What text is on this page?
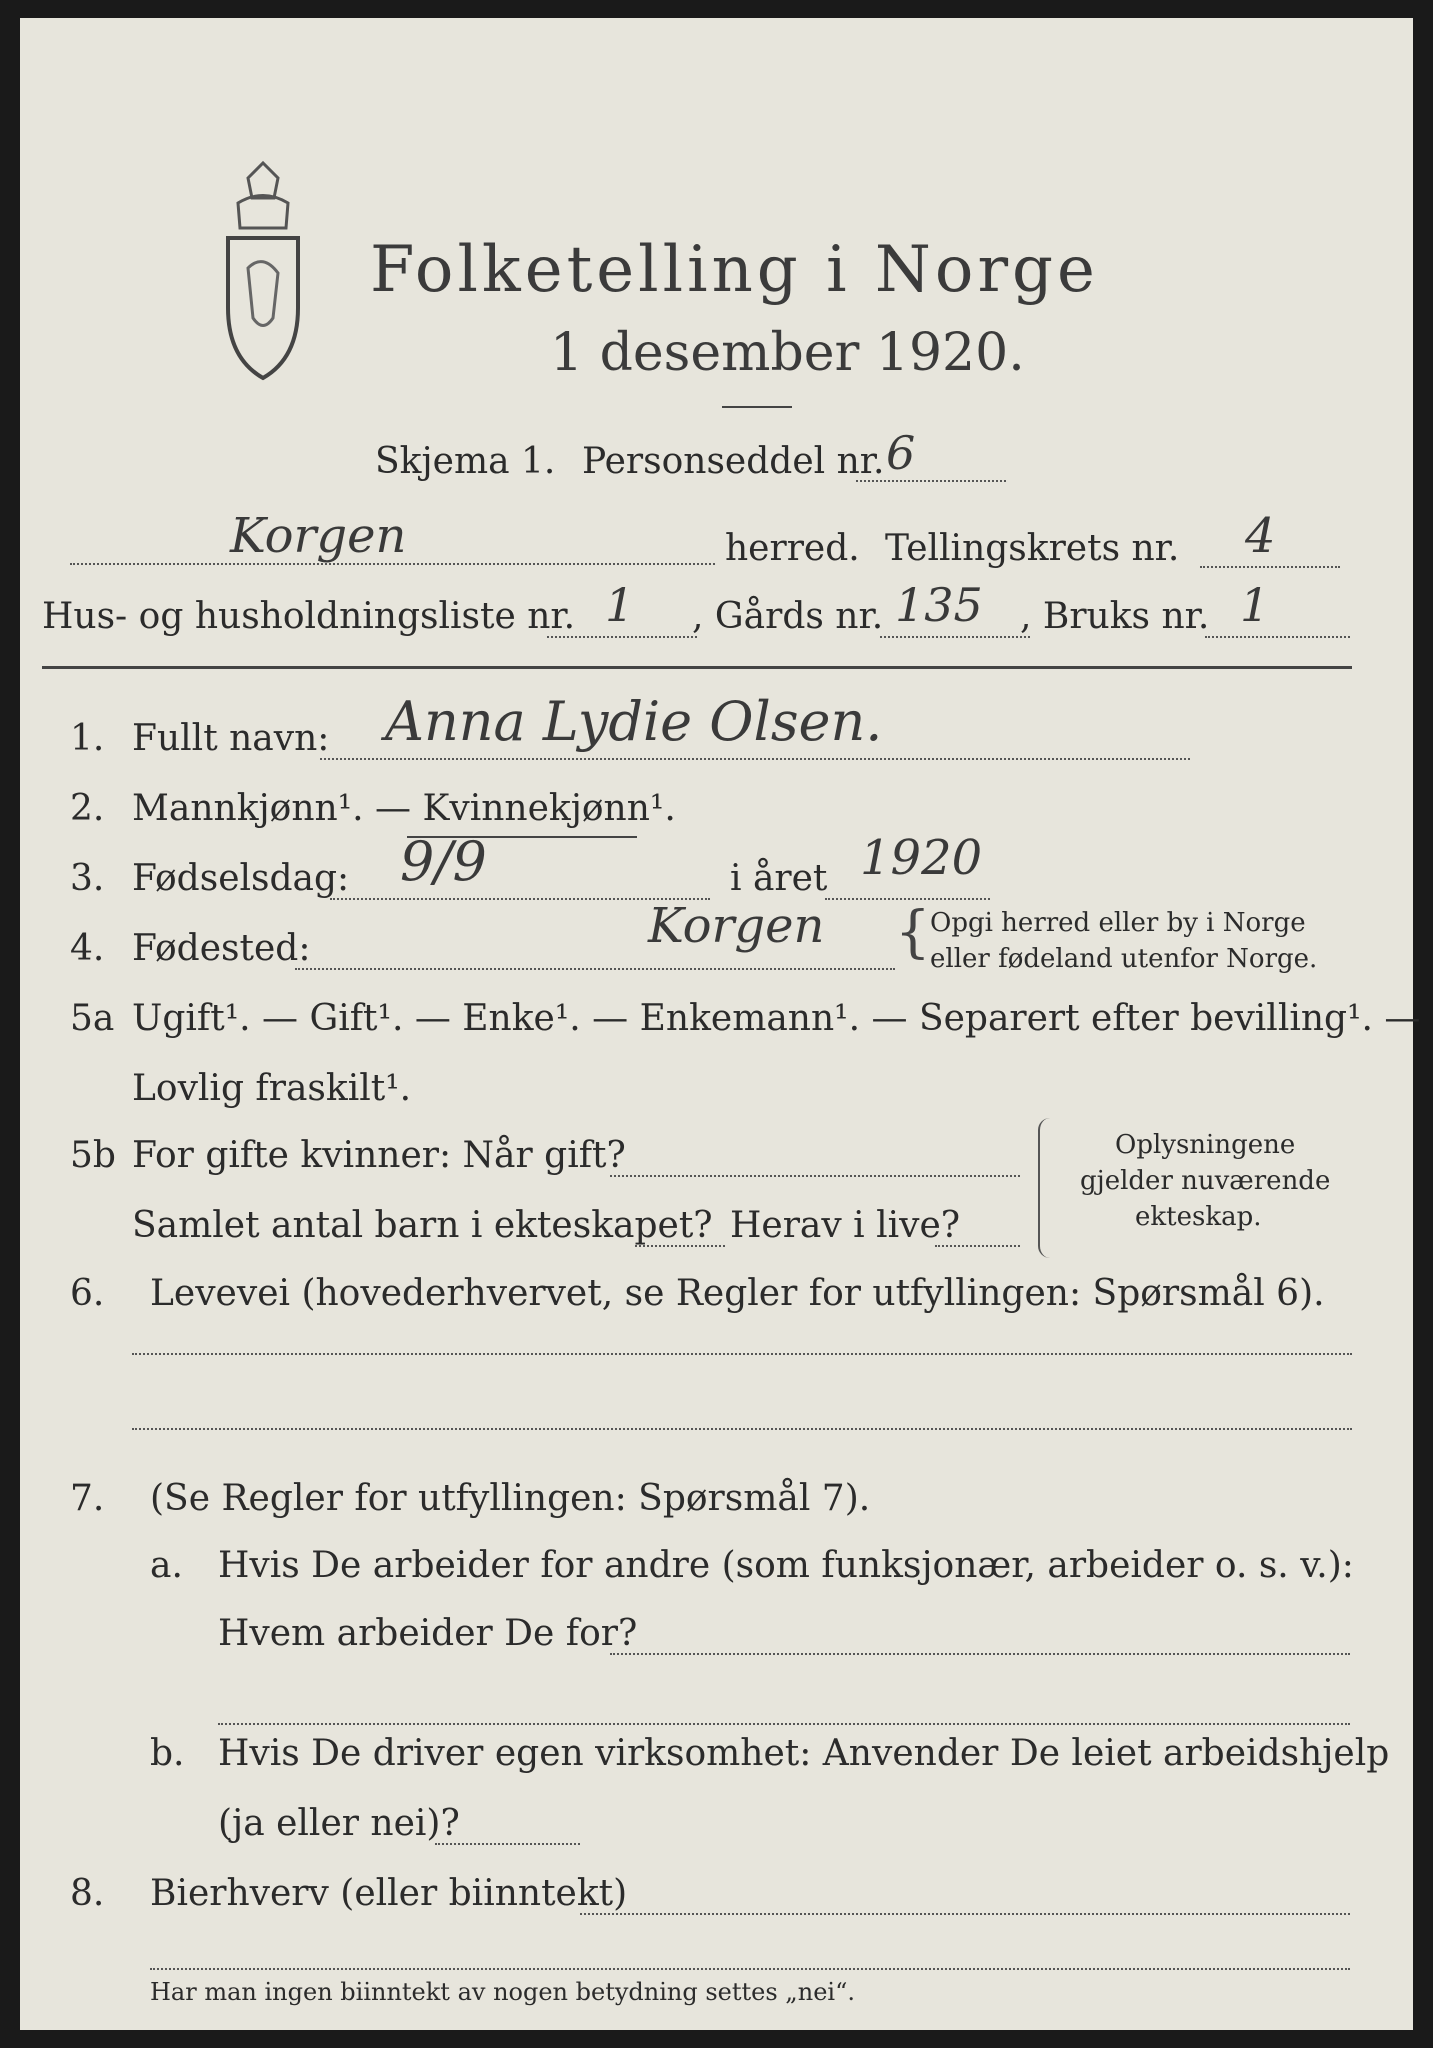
Folketelling i Norge
1 desember 1920.
Skjema 1. Personseddel nr. 6
Korgen	herred. Tellingskrets nr. 4
Hus- og husholdningsliste nr. 1 , Gårds nr. 135 , Bruks nr. 1
1. Fullt navn: Anna Lydie Olsen.
2. Mannkjønn¹. — Kvinnekjønn¹.
3. Fødselsdag: 9/9	i året 1920
4. Fødested:	Korgen { Opgi herred eller by i Norge
eller fødeland utenfor Norge.
5a Ugift¹. — Gift¹. — Enke¹. — Enkemann¹. — Separert efter bevilling¹. —
Lovlig fraskilt¹.
5b For gifte kvinner: Når gift?
Samlet antal barn i ekteskapet? Herav i live?
Oplysningene
gjelder nuværende
ekteskap.
6. Levevei (hovederhvervet, se Regler for utfyllingen: Spørsmål 6).
7. (Se Regler for utfyllingen: Spørsmål 7).
a. Hvis De arbeider for andre (som funksjonær, arbeider o. s. v.):
Hvem arbeider De for?
b. Hvis De driver egen virksomhet: Anvender De leiet arbeidshjelp
(ja eller nei)?
8. Bierhverv (eller biinntekt)
Har man ingen biinntekt av nogen betydning settes „nei“.
